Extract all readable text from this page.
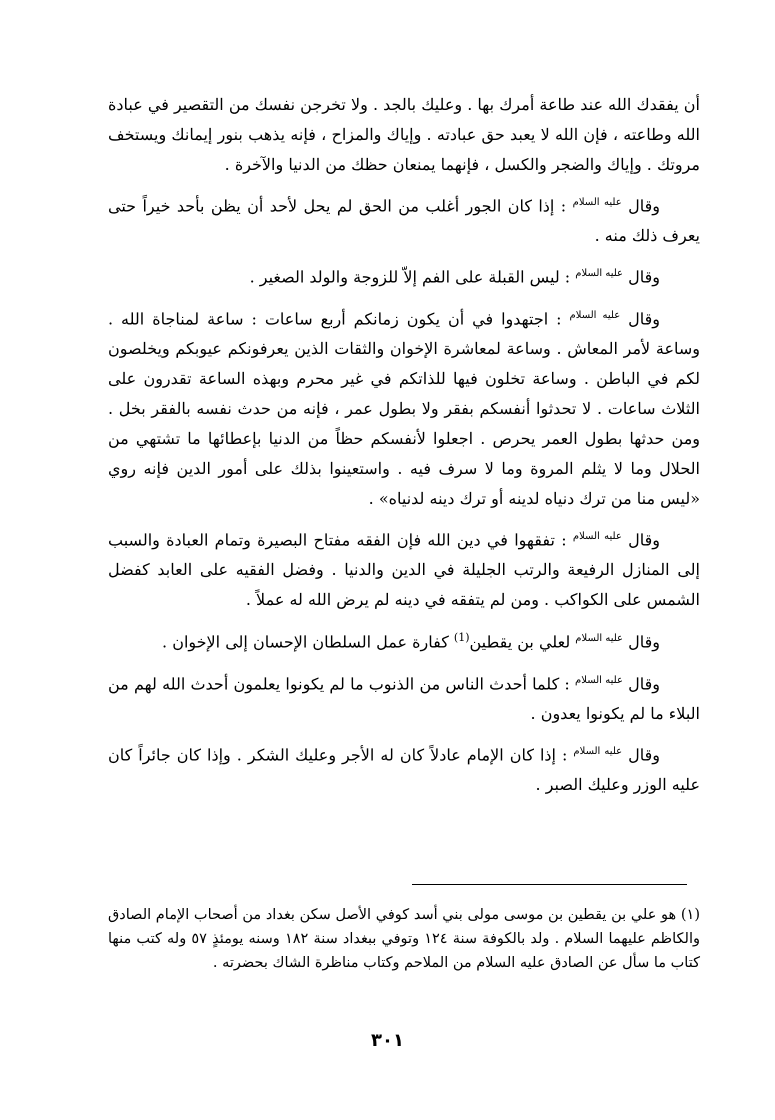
أن يفقدك الله عند طاعة أمرك بها . وعليك بالجد . ولا تخرجن نفسك من التقصير في عبادة الله وطاعته ، فإن الله لا يعبد حق عبادته . وإياك والمزاح ، فإنه يذهب بنور إيمانك ويستخف مروتك . وإياك والضجر والكسل ، فإنهما يمنعان حظك من الدنيا والآخرة .

وقال $^{عليه السلام}$ : إذا كان الجور أغلب من الحق لم يحل لأحد أن يظن بأحد خيراً حتى يعرف ذلك منه .

وقال $^{عليه السلام}$ : ليس القبلة على الفم إلاّ للزوجة والولد الصغير .

وقال $^{عليه السلام}$ : اجتهدوا في أن يكون زمانكم أربع ساعات : ساعة لمناجاة الله . وساعة لأمر المعاش . وساعة لمعاشرة الإخوان والثقات الذين يعرفونكم عيوبكم ويخلصون لكم في الباطن . وساعة تخلون فيها للذاتكم في غير محرم وبهذه الساعة تقدرون على الثلاث ساعات . لا تحدثوا أنفسكم بفقر ولا بطول عمر ، فإنه من حدث نفسه بالفقر بخل . ومن حدثها بطول العمر يحرص . اجعلوا لأنفسكم حظاً من الدنيا بإعطائها ما تشتهي من الحلال وما لا يثلم المروة وما لا سرف فيه . واستعينوا بذلك على أمور الدين فإنه روي «ليس منا من ترك دنياه لدينه أو ترك دينه لدنياه» .

وقال $^{عليه السلام}$ : تفقهوا في دين الله فإن الفقه مفتاح البصيرة وتمام العبادة والسبب إلى المنازل الرفيعة والرتب الجليلة في الدين والدنيا . وفضل الفقيه على العابد كفضل الشمس على الكواكب . ومن لم يتفقه في دينه لم يرض الله له عملاً .

وقال $^{عليه السلام}$ لعلي بن يقطين$^{(1)}$ كفارة عمل السلطان الإحسان إلى الإخوان .

وقال $^{عليه السلام}$ : كلما أحدث الناس من الذنوب ما لم يكونوا يعلمون أحدث الله لهم من البلاء ما لم يكونوا يعدون .

وقال $^{عليه السلام}$ : إذا كان الإمام عادلاً كان له الأجر وعليك الشكر . وإذا كان جائراً كان عليه الوزر وعليك الصبر .

(١) هو علي بن يقطين بن موسى مولى بني أسد كوفي الأصل سكن بغداد من أصحاب الإمام الصادق والكاظم عليهما السلام . ولد بالكوفة سنة ١٢٤ وتوفي ببغداد سنة ١٨٢ وسنه يومئذٍ ٥٧ وله كتب منها كتاب ما سأل عن الصادق عليه السلام من الملاحم وكتاب مناظرة الشاك بحضرته .
٣٠١
